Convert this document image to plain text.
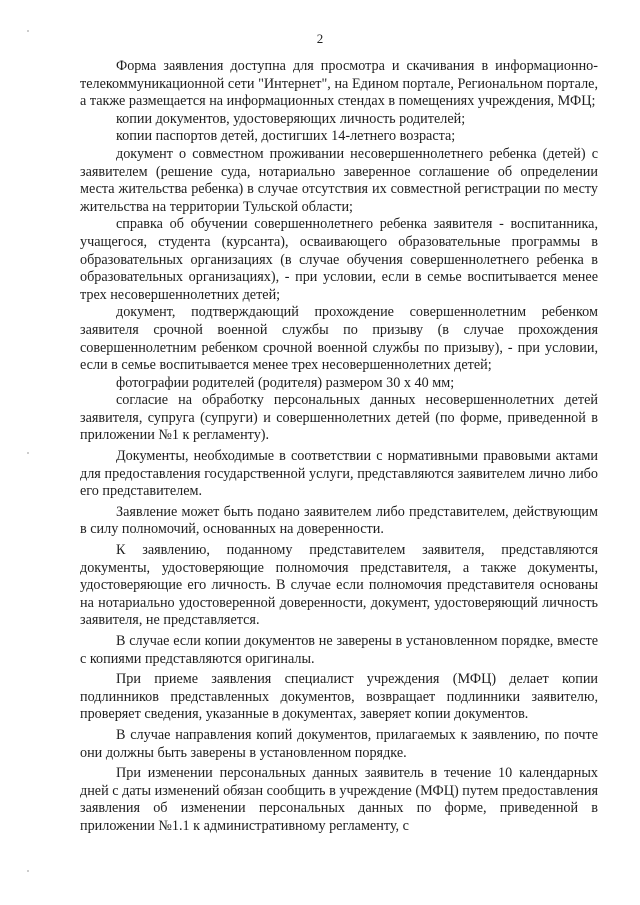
2

Форма заявления доступна для просмотра и скачивания в информационно-телекоммуникационной сети "Интернет", на Едином портале, Региональном портале, а также размещается на информационных стендах в помещениях учреждения, МФЦ;

копии документов, удостоверяющих личность родителей;

копии паспортов детей, достигших 14-летнего возраста;

документ о совместном проживании несовершеннолетнего ребенка (детей) с заявителем (решение суда, нотариально заверенное соглашение об определении места жительства ребенка) в случае отсутствия их совместной регистрации по месту жительства на территории Тульской области;

справка об обучении совершеннолетнего ребенка заявителя - воспитанника, учащегося, студента (курсанта), осваивающего образовательные программы в образовательных организациях (в случае обучения совершеннолетнего ребенка в образовательных организациях), - при условии, если в семье воспитывается менее трех несовершеннолетних детей;

документ, подтверждающий прохождение совершеннолетним ребенком заявителя срочной военной службы по призыву (в случае прохождения совершеннолетним ребенком срочной военной службы по призыву), - при условии, если в семье воспитывается менее трех несовершеннолетних детей;

фотографии родителей (родителя) размером 30 х 40 мм;

согласие на обработку персональных данных несовершеннолетних детей заявителя, супруга (супруги) и совершеннолетних детей (по форме, приведенной в приложении №1 к регламенту).

Документы, необходимые в соответствии с нормативными правовыми актами для предоставления государственной услуги, представляются заявителем лично либо его представителем.

Заявление может быть подано заявителем либо представителем, действующим в силу полномочий, основанных на доверенности.

К заявлению, поданному представителем заявителя, представляются документы, удостоверяющие полномочия представителя, а также документы, удостоверяющие его личность. В случае если полномочия представителя основаны на нотариально удостоверенной доверенности, документ, удостоверяющий личность заявителя, не представляется.

В случае если копии документов не заверены в установленном порядке, вместе с копиями представляются оригиналы.

При приеме заявления специалист учреждения (МФЦ) делает копии подлинников представленных документов, возвращает подлинники заявителю, проверяет сведения, указанные в документах, заверяет копии документов.

В случае направления копий документов, прилагаемых к заявлению, по почте они должны быть заверены в установленном порядке.

При изменении персональных данных заявитель в течение 10 календарных дней с даты изменений обязан сообщить в учреждение (МФЦ) путем предоставления заявления об изменении персональных данных по форме, приведенной в приложении №1.1 к административному регламенту, с
